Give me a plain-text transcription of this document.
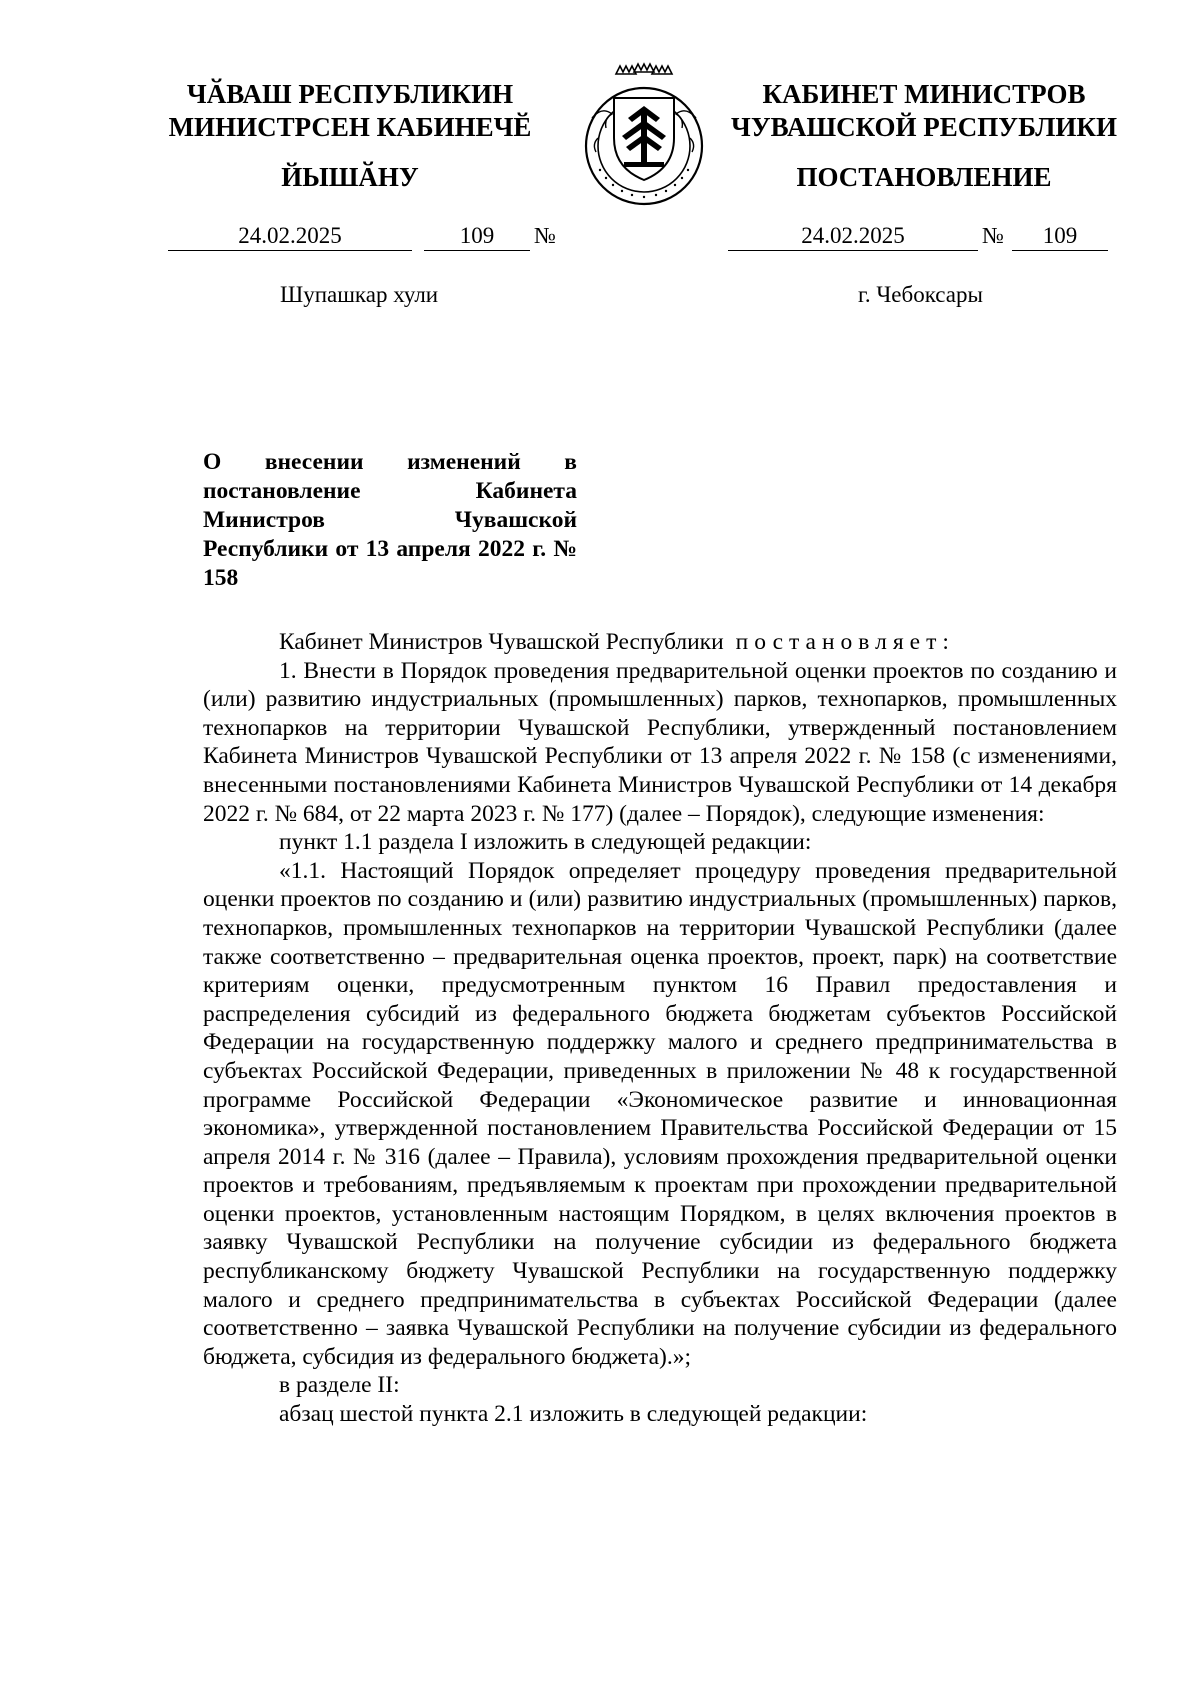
ЧӐВАШ РЕСПУБЛИКИН
МИНИСТРСЕН КАБИНЕЧӖ
ЙЫШӐНУ
КАБИНЕТ МИНИСТРОВ
ЧУВАШСКОЙ РЕСПУБЛИКИ
ПОСТАНОВЛЕНИЕ
24.02.2025	109	№	24.02.2025	№	109
Шупашкар хули	г. Чебоксары

О внесении изменений в постановление Кабинета Министров Чувашской Республики от 13 апреля 2022 г. № 158

Кабинет Министров Чувашской Республики постановляет:

1. Внести в Порядок проведения предварительной оценки проектов по созданию и (или) развитию индустриальных (промышленных) парков, технопарков, промышленных технопарков на территории Чувашской Республики, утвержденный постановлением Кабинета Министров Чувашской Республики от 13 апреля 2022 г. № 158 (с изменениями, внесенными постановлениями Кабинета Министров Чувашской Республики от 14 декабря 2022 г. № 684, от 22 марта 2023 г. № 177) (далее – Порядок), следующие изменения:

пункт 1.1 раздела I изложить в следующей редакции:

«1.1. Настоящий Порядок определяет процедуру проведения предварительной оценки проектов по созданию и (или) развитию индустриальных (промышленных) парков, технопарков, промышленных технопарков на территории Чувашской Республики (далее также соответственно – предварительная оценка проектов, проект, парк) на соответствие критериям оценки, предусмотренным пунктом 16 Правил предоставления и распределения субсидий из федерального бюджета бюджетам субъектов Российской Федерации на государственную поддержку малого и среднего предпринимательства в субъектах Российской Федерации, приведенных в приложении № 48 к государственной программе Российской Федерации «Экономическое развитие и инновационная экономика», утвержденной постановлением Правительства Российской Федерации от 15 апреля 2014 г. № 316 (далее – Правила), условиям прохождения предварительной оценки проектов и требованиям, предъявляемым к проектам при прохождении предварительной оценки проектов, установленным настоящим Порядком, в целях включения проектов в заявку Чувашской Республики на получение субсидии из федерального бюджета республиканскому бюджету Чувашской Республики на государственную поддержку малого и среднего предпринимательства в субъектах Российской Федерации (далее соответственно – заявка Чувашской Республики на получение субсидии из федерального бюджета, субсидия из федерального бюджета).»;

в разделе II:

абзац шестой пункта 2.1 изложить в следующей редакции:
